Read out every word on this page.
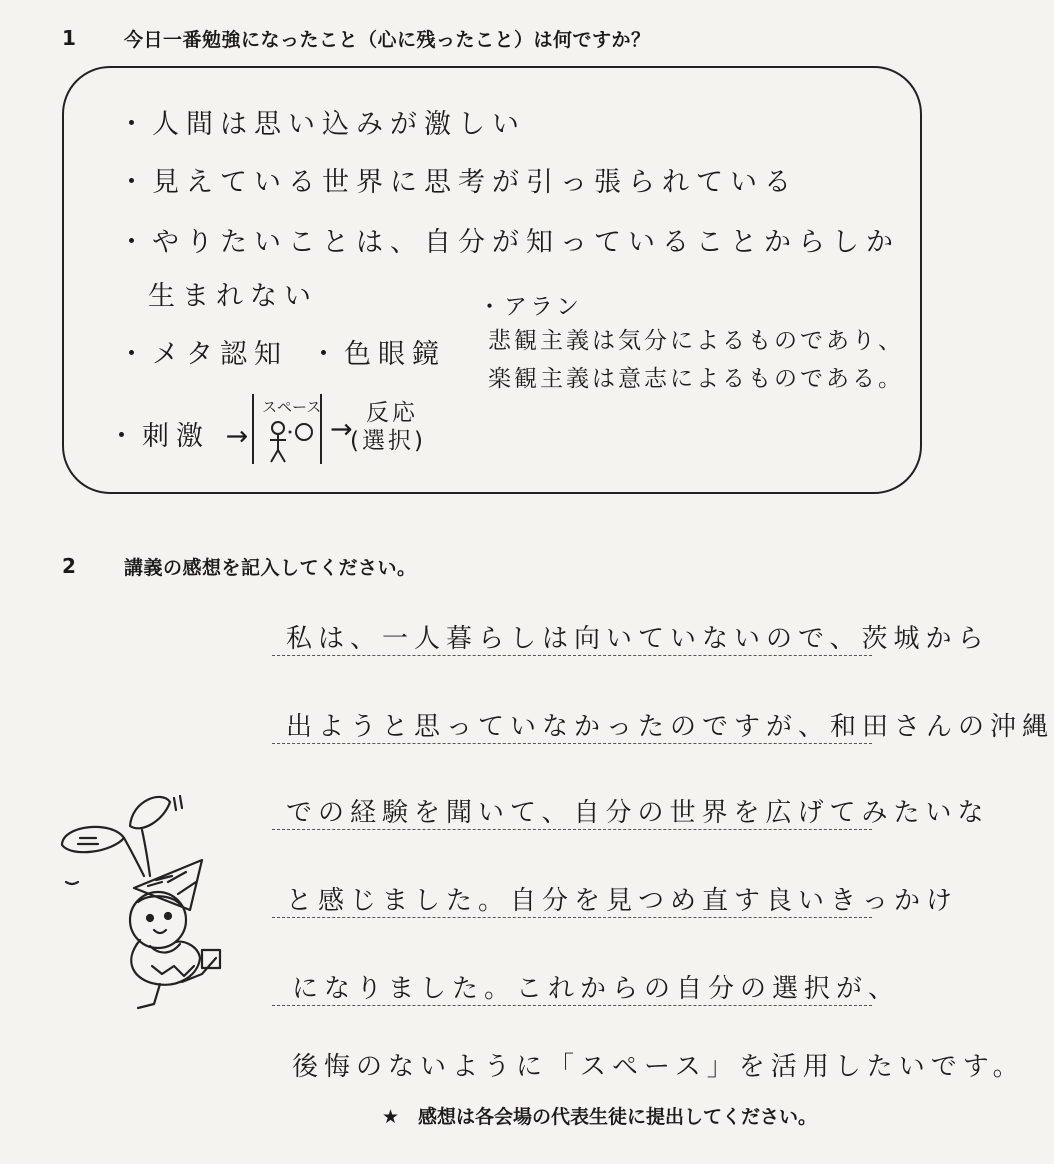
1	今日一番勉強になったこと（心に残ったこと）は何ですか？
・人間は思い込みが激しい
・見えている世界に思考が引っ張られている
・やりたいことは、自分が知っていることからしか
生まれない
・メタ認知 ・色眼鏡
・アラン
悲観主義は気分によるものであり、
楽観主義は意志によるものである。
・刺激 →
スペース
→
反応
(選択)
2	講義の感想を記入してください。
私は、一人暮らしは向いていないので、茨城から
出ようと思っていなかったのですが、和田さんの沖縄
での経験を聞いて、自分の世界を広げてみたいな
と感じました。自分を見つめ直す良いきっかけ
になりました。これからの自分の選択が、
後悔のないように「スペース」を活用したいです。
★　感想は各会場の代表生徒に提出してください。
